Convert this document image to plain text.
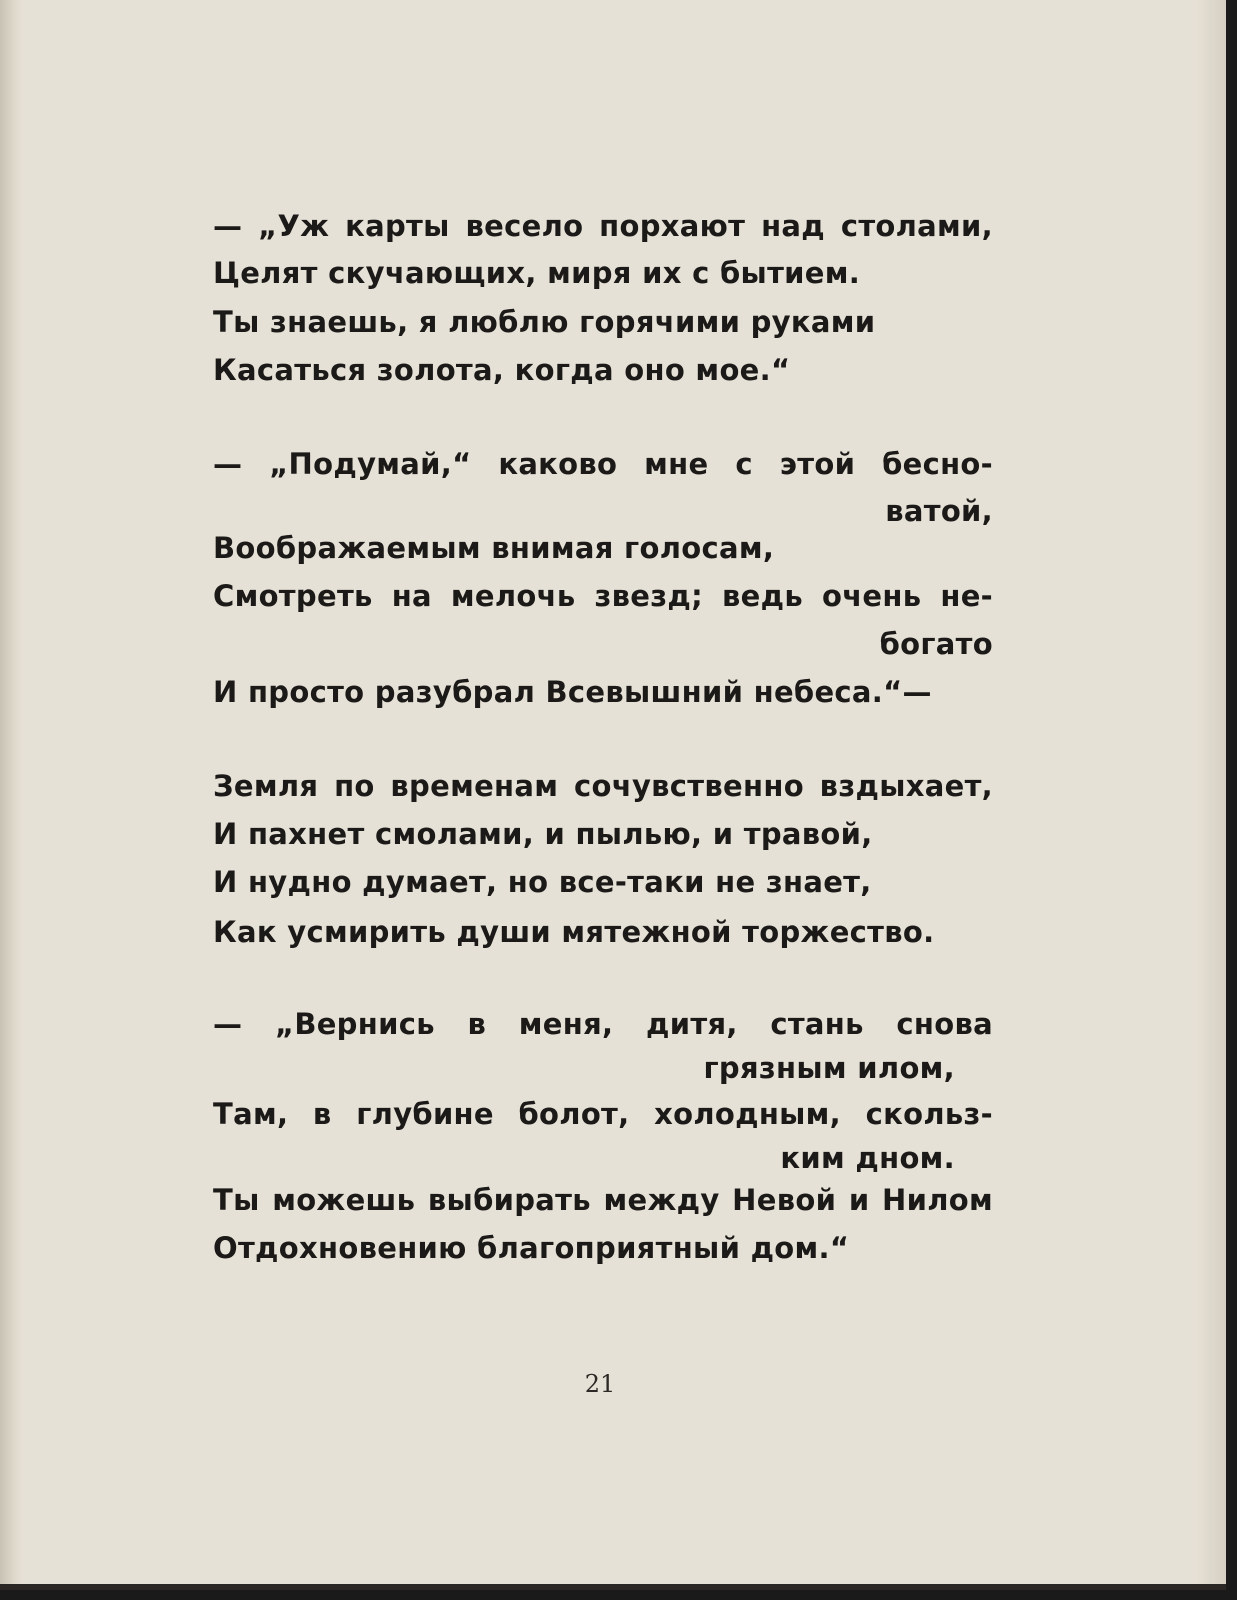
— „Уж карты весело порхают над столами,
Целят скучающих, миря их с бытием.
Ты знаешь, я люблю горячими руками
Касаться золота, когда оно мое.“
— „Подумай,“ каково мне с этой бесно-
ватой,
Воображаемым внимая голосам,
Смотреть на мелочь звезд; ведь очень не-
богато
И просто разубрал Всевышний небеса.“—
Земля по временам сочувственно вздыхает,
И пахнет смолами, и пылью, и травой,
И нудно думает, но все-таки не знает,
Как усмирить души мятежной торжество.
— „Вернись в меня, дитя, стань снова
грязным илом,
Там, в глубине болот, холодным, скольз-
ким дном.
Ты можешь выбирать между Невой и Нилом
Отдохновению благоприятный дом.“
21
